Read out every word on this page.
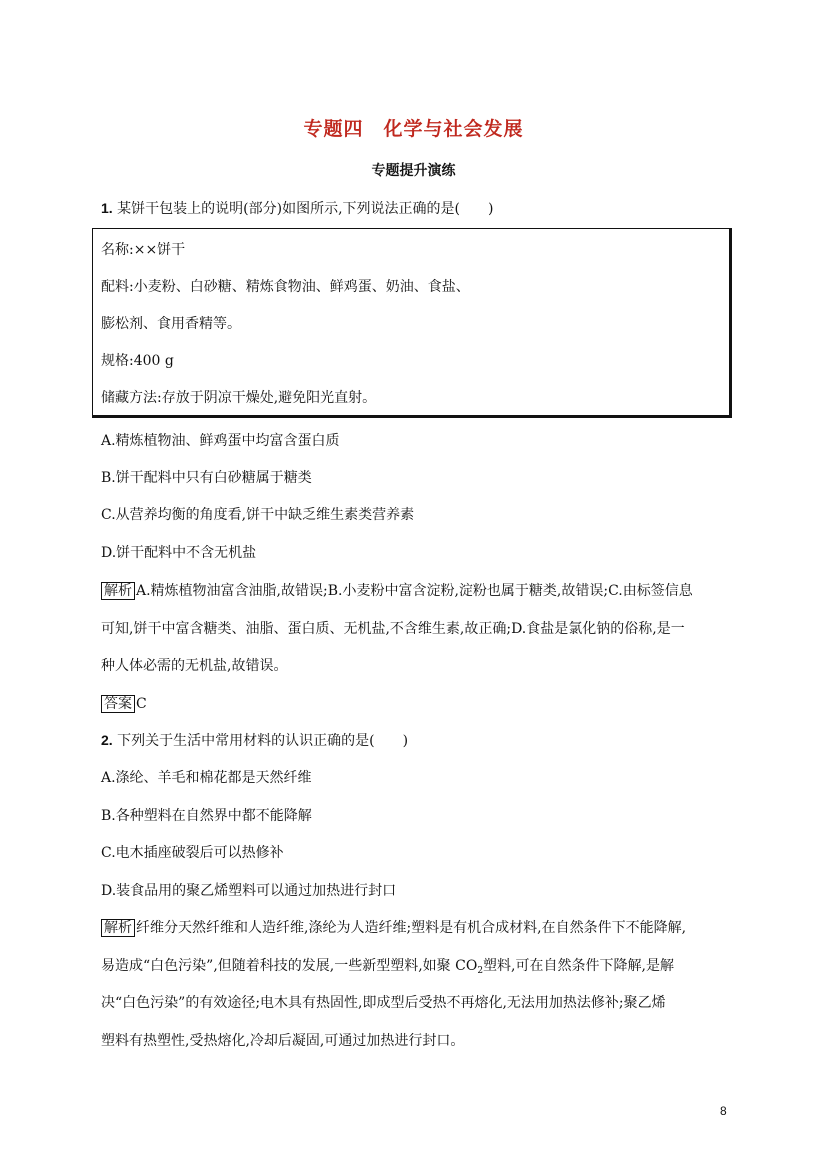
专题四　化学与社会发展
专题提升演练
1. 某饼干包装上的说明(部分)如图所示,下列说法正确的是(　　)
名称:××饼干
配料:小麦粉、白砂糖、精炼食物油、鲜鸡蛋、奶油、食盐、
膨松剂、食用香精等。
规格:400 g
储藏方法:存放于阴凉干燥处,避免阳光直射。
A.精炼植物油、鲜鸡蛋中均富含蛋白质
B.饼干配料中只有白砂糖属于糖类
C.从营养均衡的角度看,饼干中缺乏维生素类营养素
D.饼干配料中不含无机盐
解析 A.精炼植物油富含油脂,故错误;B.小麦粉中富含淀粉,淀粉也属于糖类,故错误;C.由标签信息
可知,饼干中富含糖类、油脂、蛋白质、无机盐,不含维生素,故正确;D.食盐是氯化钠的俗称,是一
种人体必需的无机盐,故错误。
答案 C
2. 下列关于生活中常用材料的认识正确的是(　　)
A.涤纶、羊毛和棉花都是天然纤维
B.各种塑料在自然界中都不能降解
C.电木插座破裂后可以热修补
D.装食品用的聚乙烯塑料可以通过加热进行封口
解析 纤维分天然纤维和人造纤维,涤纶为人造纤维;塑料是有机合成材料,在自然条件下不能降解,
易造成“白色污染”,但随着科技的发展,一些新型塑料,如聚 $CO_2$塑料,可在自然条件下降解,是解
决“白色污染”的有效途径;电木具有热固性,即成型后受热不再熔化,无法用加热法修补;聚乙烯
塑料有热塑性,受热熔化,冷却后凝固,可通过加热进行封口。
8
